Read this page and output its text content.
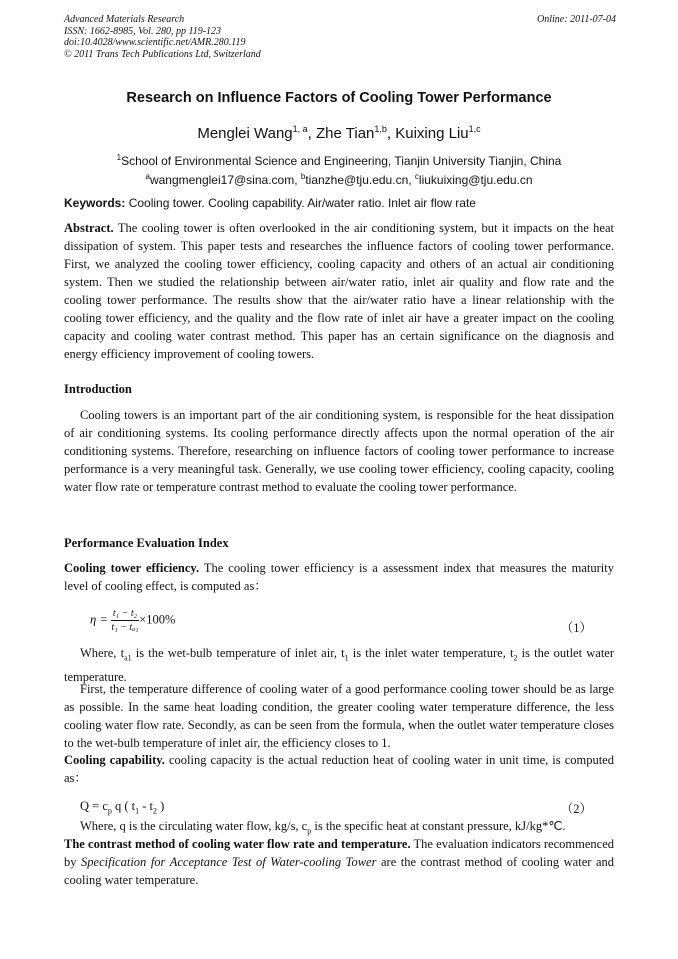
Advanced Materials Research
ISSN: 1662-8985, Vol. 280, pp 119-123
doi:10.4028/www.scientific.net/AMR.280.119
© 2011 Trans Tech Publications Ltd, Switzerland
Online: 2011-07-04
Research on Influence Factors of Cooling Tower Performance
Menglei Wang$^{1, a}$, Zhe Tian$^{1,b}$, Kuixing Liu$^{1,c}$
$^1$School of Environmental Science and Engineering, Tianjin University Tianjin, China
$^a$wangmenglei17@sina.com, $^b$tianzhe@tju.edu.cn, $^c$liukuixing@tju.edu.cn
Keywords: Cooling tower. Cooling capability. Air/water ratio. Inlet air flow rate
Abstract. The cooling tower is often overlooked in the air conditioning system, but it impacts on the heat dissipation of system. This paper tests and researches the influence factors of cooling tower performance. First, we analyzed the cooling tower efficiency, cooling capacity and others of an actual air conditioning system. Then we studied the relationship between air/water ratio, inlet air quality and flow rate and the cooling tower performance. The results show that the air/water ratio have a linear relationship with the cooling tower efficiency, and the quality and the flow rate of inlet air have a greater impact on the cooling capacity and cooling water contrast method. This paper has an certain significance on the diagnosis and energy efficiency improvement of cooling towers.
Introduction
Cooling towers is an important part of the air conditioning system, is responsible for the heat dissipation of air conditioning systems. Its cooling performance directly affects upon the normal operation of the air conditioning systems. Therefore, researching on influence factors of cooling tower performance to increase performance is a very meaningful task. Generally, we use cooling tower efficiency, cooling capacity, cooling water flow rate or temperature contrast method to evaluate the cooling tower performance.
Performance Evaluation Index
Cooling tower efficiency. The cooling tower efficiency is a assessment index that measures the maturity level of cooling effect, is computed as：
$\eta = \frac{\text{t₁ − t₂}}{\text{t₁ − tₐ₁}} \times 100\%$
（1）
Where, $t_{a1}$ is the wet-bulb temperature of inlet air, $t_1$ is the inlet water temperature, $t_2$ is the outlet water temperature.
First, the temperature difference of cooling water of a good performance cooling tower should be as large as possible. In the same heat loading condition, the greater cooling water temperature difference, the less cooling water flow rate. Secondly, as can be seen from the formula, when the outlet water temperature closes to the wet-bulb temperature of inlet air, the efficiency closes to 1.
Cooling capability. cooling capacity is the actual reduction heat of cooling water in unit time, is computed as：
$Q = c_p$ q ( $t_1 - t_2$ )	（2）
Where, q is the circulating water flow, kg/s, $c_p$ is the specific heat at constant pressure, kJ/kg*℃.
The contrast method of cooling water flow rate and temperature. The evaluation indicators recommenced by Specification for Acceptance Test of Water-cooling Tower are the contrast method of cooling water and cooling water temperature.
